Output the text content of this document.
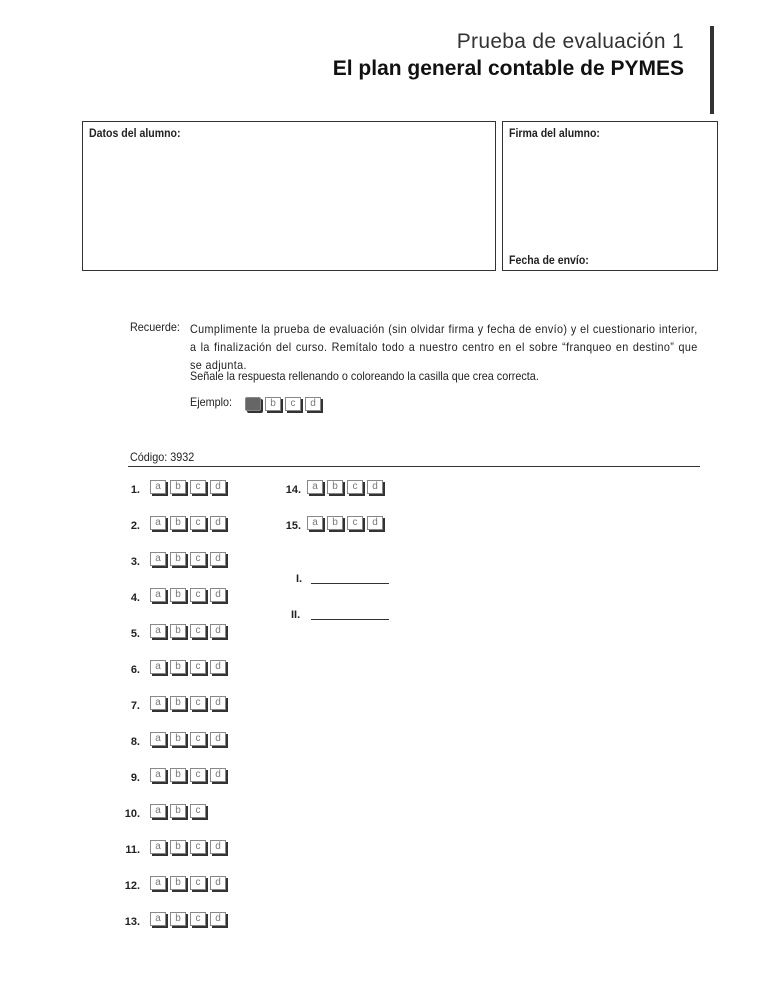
Prueba de evaluación 1
El plan general contable de PYMES
Datos del alumno:	Firma del alumno:
Fecha de envío:
Recuerde: Cumplimente la prueba de evaluación (sin olvidar firma y fecha de envío) y el cuestionario interior, a la finalización del curso. Remítalo todo a nuestro centro en el sobre “franqueo en destino” que se adjunta.
Señale la respuesta rellenando o coloreando la casilla que crea correcta.
Ejemplo:	b	c	d
Código: 3932
1.	a	b	c	d
2.	a	b	c	d
3.	a	b	c	d
4.	a	b	c	d
5.	a	b	c	d
6.	a	b	c	d
7.	a	b	c	d
8.	a	b	c	d
9.	a	b	c	d
10.	a	b	c
11.	a	b	c	d
12.	a	b	c	d
13.	a	b	c	d
14.	a	b	c	d
15.	a	b	c	d
I.
II.
